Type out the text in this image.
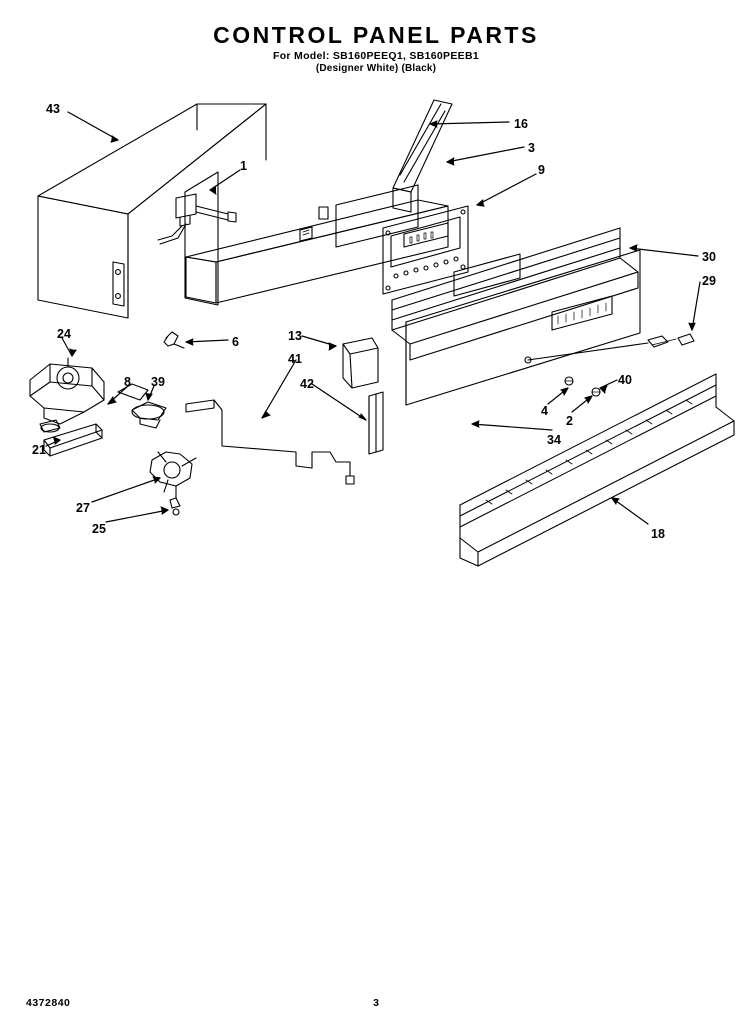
CONTROL PANEL PARTS
For Model: SB160PEEQ1, SB160PEEB1
(Designer White) (Black)
43
16
3
1	9
30
29
24
6	13
41
42
8 39	40
4
2
21
34
27
25	18
4372840	3
